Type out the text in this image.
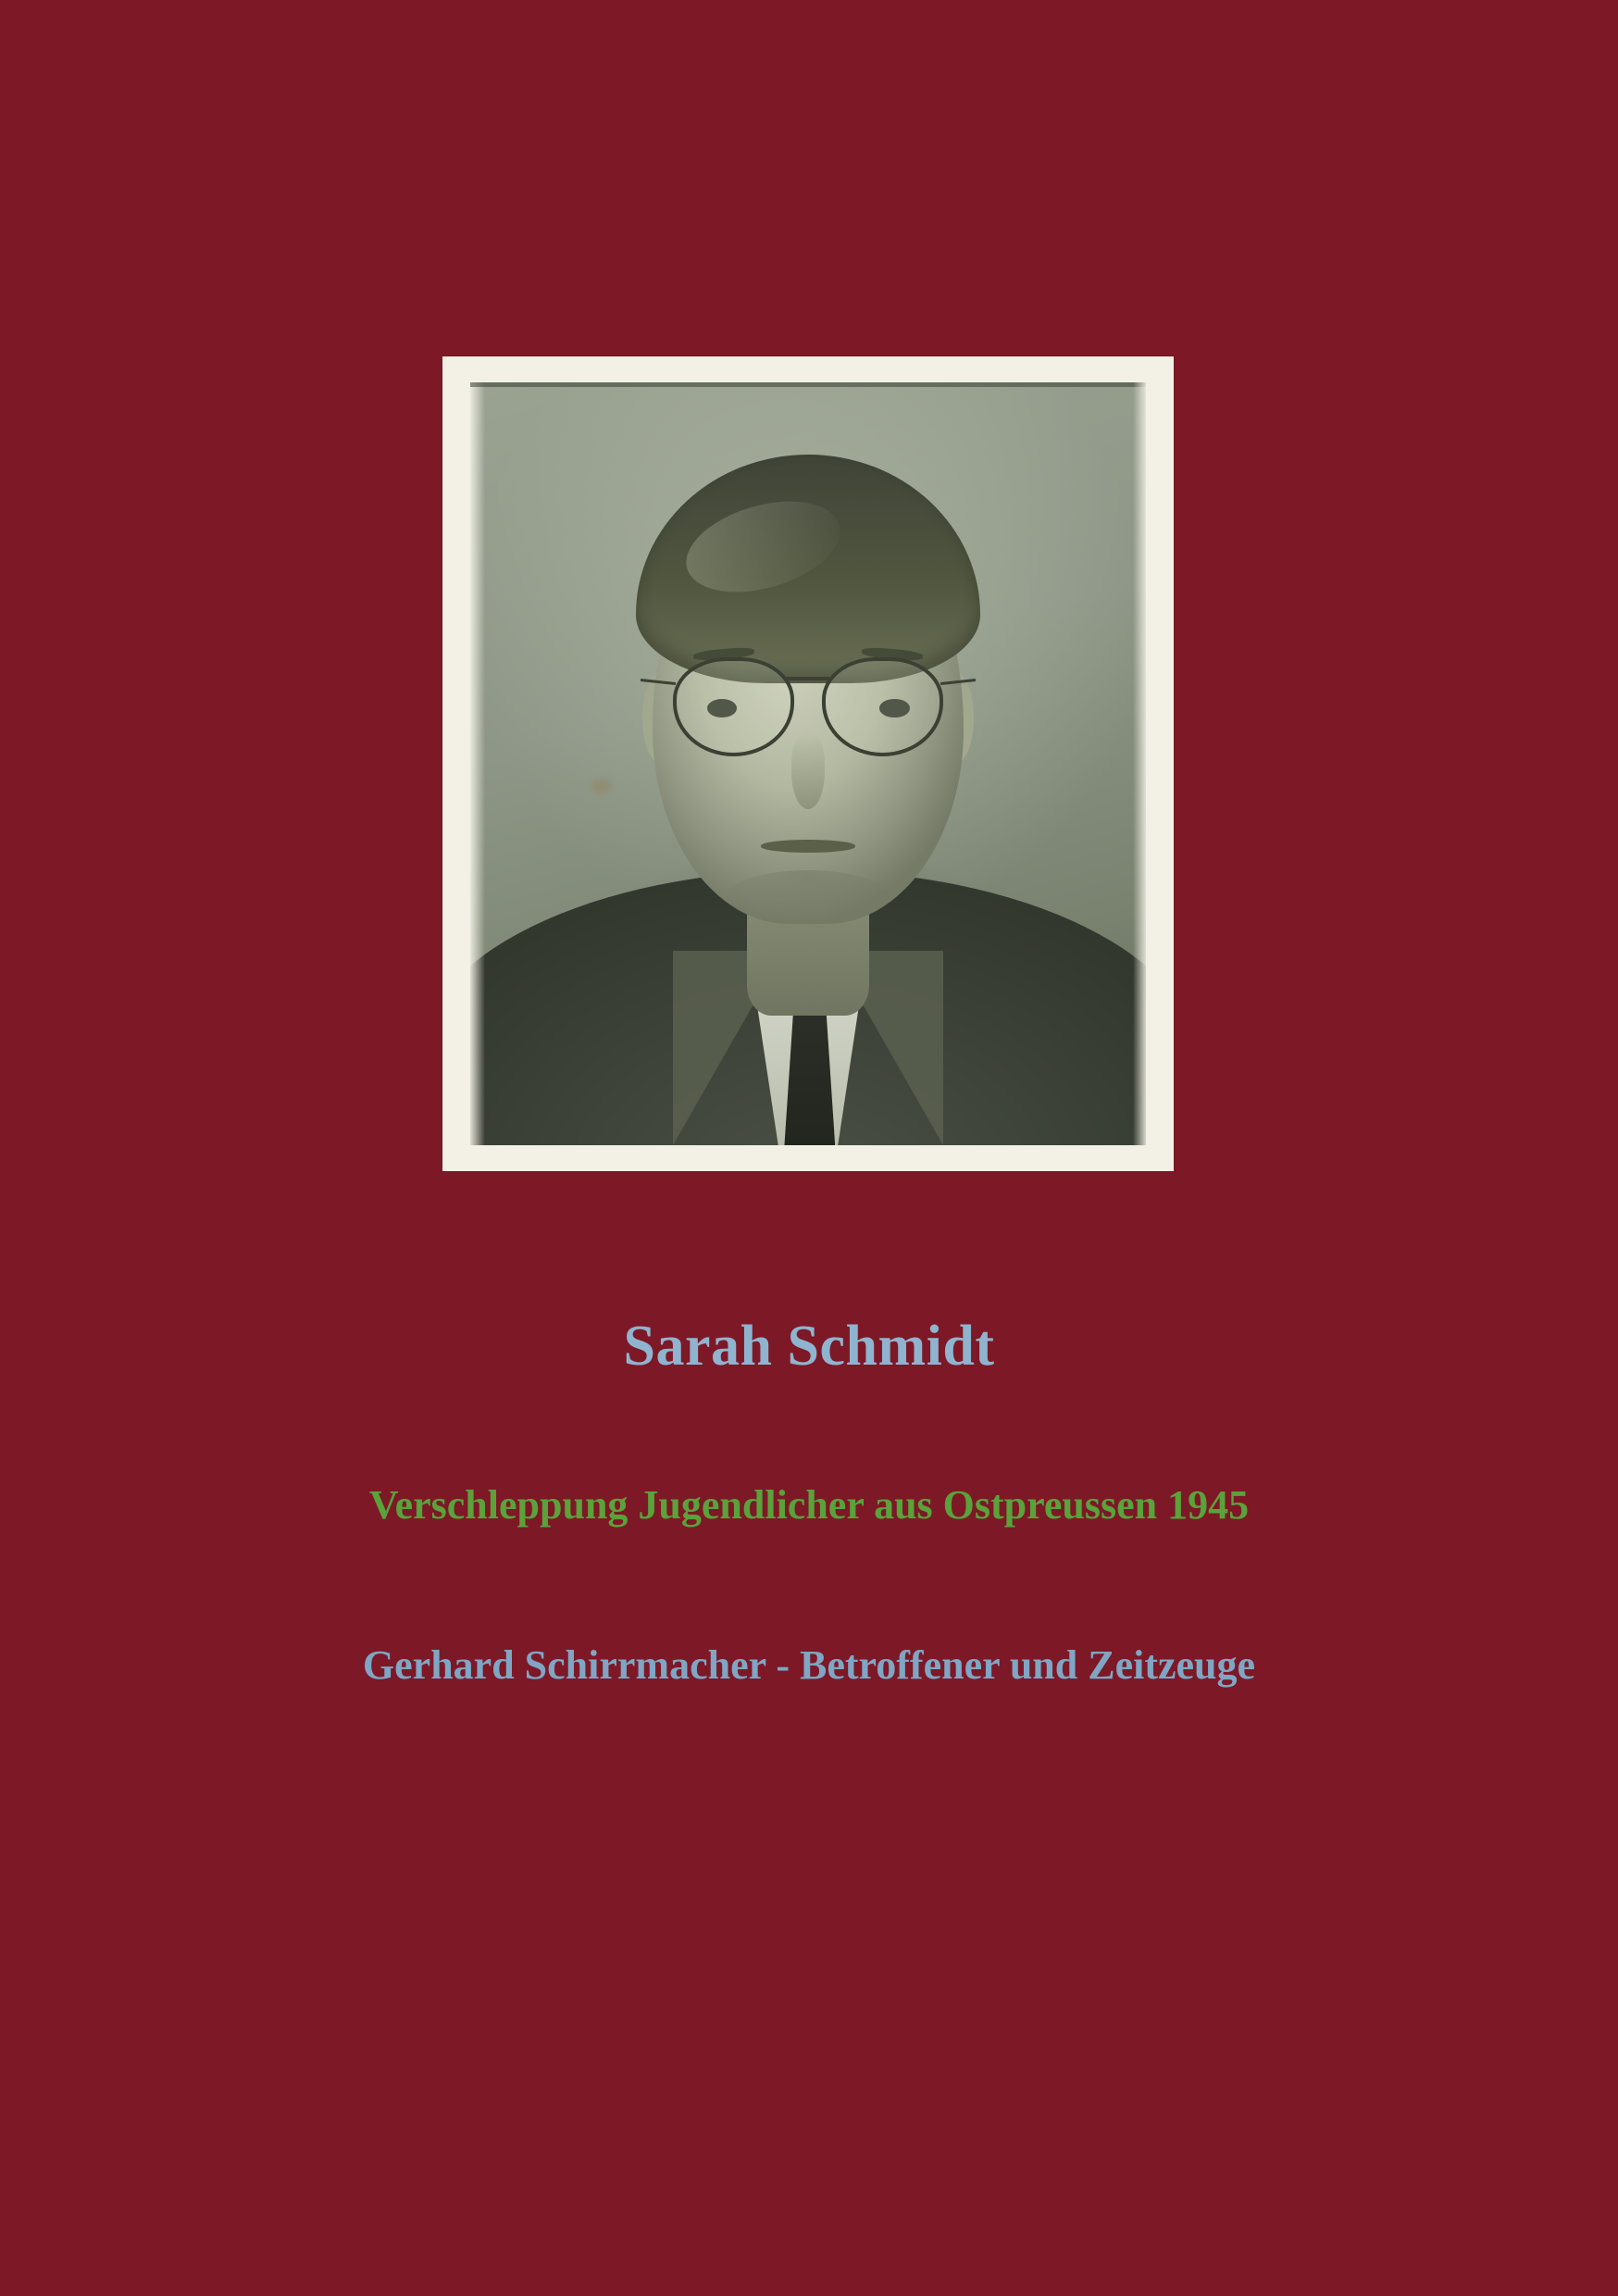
Sarah Schmidt
Verschleppung Jugendlicher aus Ostpreussen 1945
Gerhard Schirrmacher - Betroffener und Zeitzeuge
